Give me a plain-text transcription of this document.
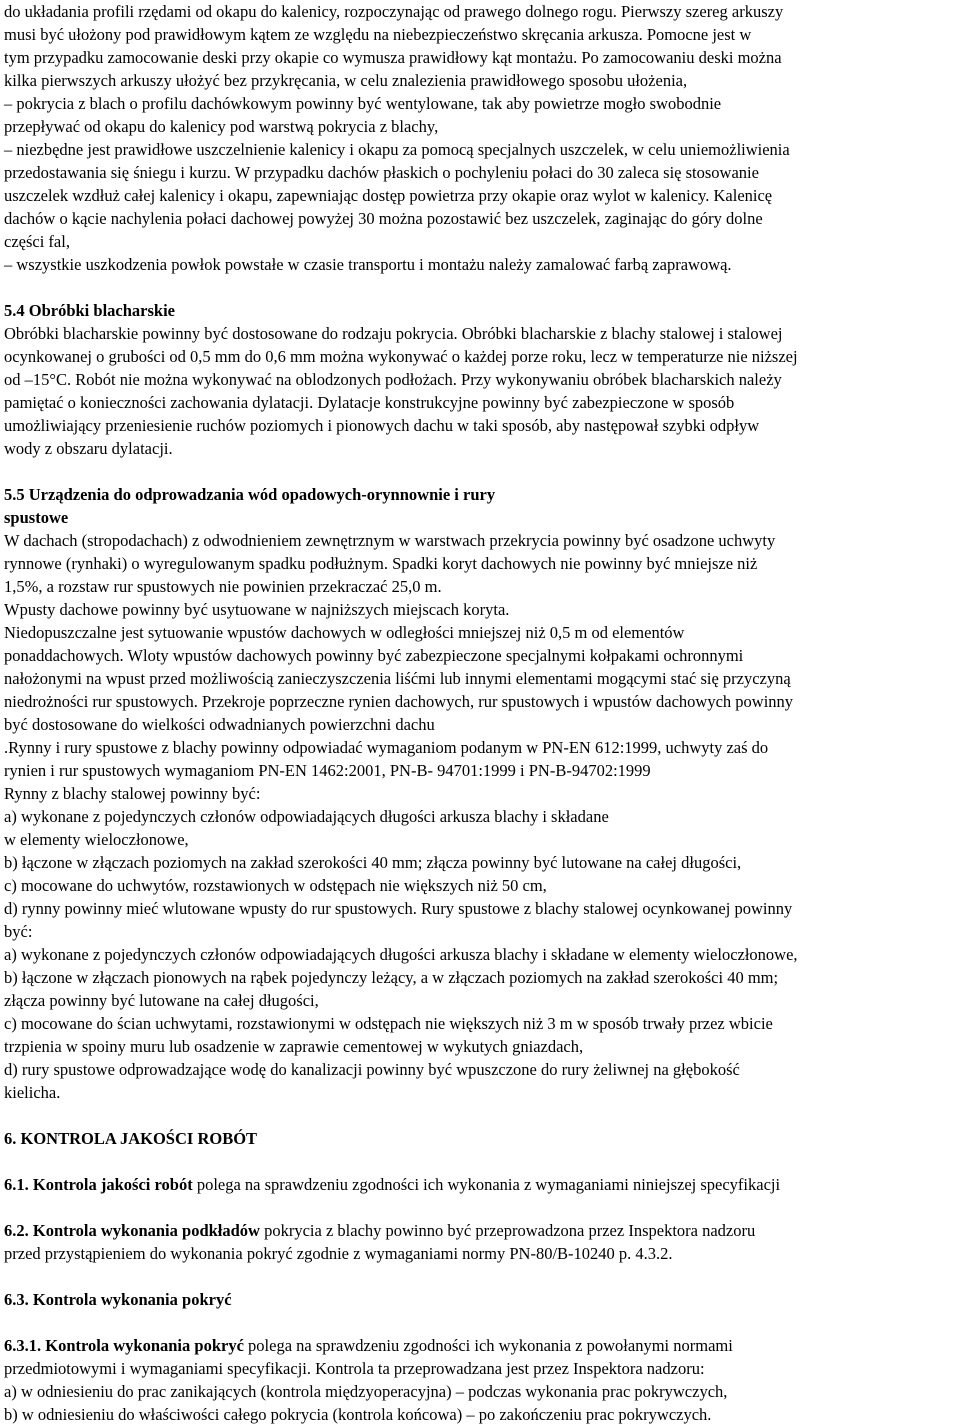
do układania profili rzędami od okapu do kalenicy, rozpoczynając od prawego dolnego rogu. Pierwszy szereg arkuszy
musi być ułożony pod prawidłowym kątem ze względu na niebezpieczeństwo skręcania arkusza. Pomocne jest w
tym przypadku zamocowanie deski przy okapie co wymusza prawidłowy kąt montażu. Po zamocowaniu deski można
kilka pierwszych arkuszy ułożyć bez przykręcania, w celu znalezienia prawidłowego sposobu ułożenia,
– pokrycia z blach o profilu dachówkowym powinny być wentylowane, tak aby powietrze mogło swobodnie
przepływać od okapu do kalenicy pod warstwą pokrycia z blachy,
– niezbędne jest prawidłowe uszczelnienie kalenicy i okapu za pomocą specjalnych uszczelek, w celu uniemożliwienia
przedostawania się śniegu i kurzu. W przypadku dachów płaskich o pochyleniu połaci do 30 zaleca się stosowanie
uszczelek wzdłuż całej kalenicy i okapu, zapewniając dostęp powietrza przy okapie oraz wylot w kalenicy. Kalenicę
dachów o kącie nachylenia połaci dachowej powyżej 30 można pozostawić bez uszczelek, zaginając do góry dolne
części fal,
– wszystkie uszkodzenia powłok powstałe w czasie transportu i montażu należy zamalować farbą zaprawową.
5.4 Obróbki blacharskie
Obróbki blacharskie powinny być dostosowane do rodzaju pokrycia. Obróbki blacharskie z blachy stalowej i stalowej
ocynkowanej o grubości od 0,5 mm do 0,6 mm można wykonywać o każdej porze roku, lecz w temperaturze nie niższej
od –15°C. Robót nie można wykonywać na oblodzonych podłożach. Przy wykonywaniu obróbek blacharskich należy
pamiętać o konieczności zachowania dylatacji. Dylatacje konstrukcyjne powinny być zabezpieczone w sposób
umożliwiający przeniesienie ruchów poziomych i pionowych dachu w taki sposób, aby następował szybki odpływ
wody z obszaru dylatacji.
5.5 Urządzenia do odprowadzania wód opadowych-orynnownie i rury
spustowe
W dachach (stropodachach) z odwodnieniem zewnętrznym w warstwach przekrycia powinny być osadzone uchwyty
rynnowe (rynhaki) o wyregulowanym spadku podłużnym. Spadki koryt dachowych nie powinny być mniejsze niż
1,5%, a rozstaw rur spustowych nie powinien przekraczać 25,0 m.
Wpusty dachowe powinny być usytuowane w najniższych miejscach koryta.
Niedopuszczalne jest sytuowanie wpustów dachowych w odległości mniejszej niż 0,5 m od elementów
ponaddachowych. Wloty wpustów dachowych powinny być zabezpieczone specjalnymi kołpakami ochronnymi
nałożonymi na wpust przed możliwością zanieczyszczenia liśćmi lub innymi elementami mogącymi stać się przyczyną
niedrożności rur spustowych. Przekroje poprzeczne rynien dachowych, rur spustowych i wpustów dachowych powinny
być dostosowane do wielkości odwadnianych powierzchni dachu
.Rynny i rury spustowe z blachy powinny odpowiadać wymaganiom podanym w PN-EN 612:1999, uchwyty zaś do
rynien i rur spustowych wymaganiom PN-EN 1462:2001, PN-B- 94701:1999 i PN-B-94702:1999
Rynny z blachy stalowej powinny być:
a) wykonane z pojedynczych członów odpowiadających długości arkusza blachy i składane
w elementy wieloczłonowe,
b) łączone w złączach poziomych na zakład szerokości 40 mm; złącza powinny być lutowane na całej długości,
c) mocowane do uchwytów, rozstawionych w odstępach nie większych niż 50 cm,
d) rynny powinny mieć wlutowane wpusty do rur spustowych. Rury spustowe z blachy stalowej ocynkowanej powinny
być:
a) wykonane z pojedynczych członów odpowiadających długości arkusza blachy i składane w elementy wieloczłonowe,
b) łączone w złączach pionowych na rąbek pojedynczy leżący, a w złączach poziomych na zakład szerokości 40 mm;
złącza powinny być lutowane na całej długości,
c) mocowane do ścian uchwytami, rozstawionymi w odstępach nie większych niż 3 m w sposób trwały przez wbicie
trzpienia w spoiny muru lub osadzenie w zaprawie cementowej w wykutych gniazdach,
d) rury spustowe odprowadzające wodę do kanalizacji powinny być wpuszczone do rury żeliwnej na głębokość
kielicha.
6. KONTROLA JAKOŚCI ROBÓT
6.1. Kontrola jakości robót polega na sprawdzeniu zgodności ich wykonania z wymaganiami niniejszej specyfikacji
6.2. Kontrola wykonania podkładów pokrycia z blachy powinno być przeprowadzona przez Inspektora nadzoru
przed przystąpieniem do wykonania pokryć zgodnie z wymaganiami normy PN-80/B-10240 p. 4.3.2.
6.3. Kontrola wykonania pokryć
6.3.1. Kontrola wykonania pokryć polega na sprawdzeniu zgodności ich wykonania z powołanymi normami
przedmiotowymi i wymaganiami specyfikacji. Kontrola ta przeprowadzana jest przez Inspektora nadzoru:
a) w odniesieniu do prac zanikających (kontrola międzyoperacyjna) – podczas wykonania prac pokrywczych,
b) w odniesieniu do właściwości całego pokrycia (kontrola końcowa) – po zakończeniu prac pokrywczych.
